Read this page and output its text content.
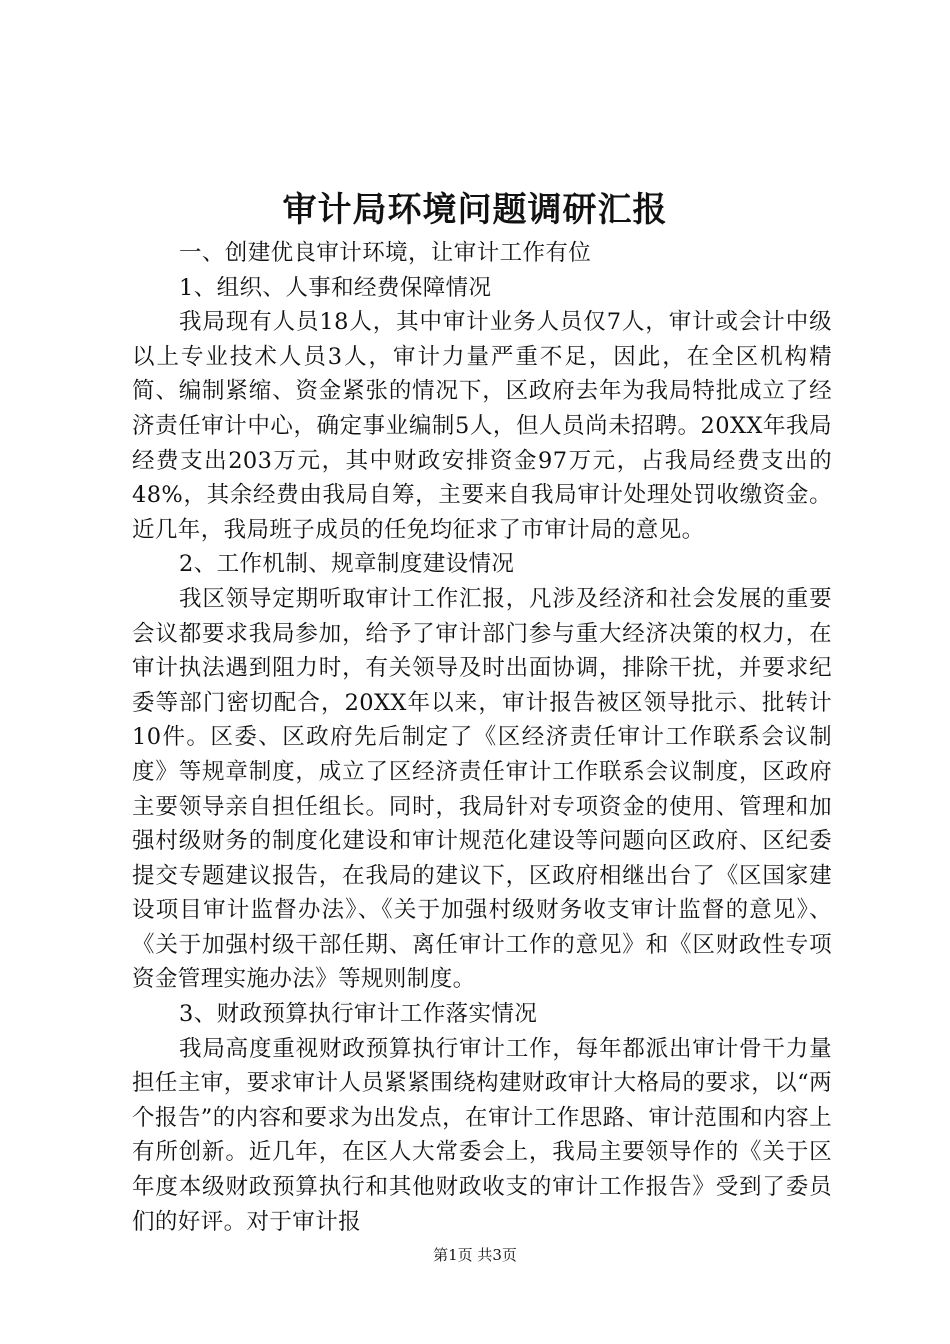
审计局环境问题调研汇报

一、创建优良审计环境，让审计工作有位

1、组织、人事和经费保障情况

我局现有人员18人，其中审计业务人员仅7人，审计或会计中级以上专业技术人员3人，审计力量严重不足，因此，在全区机构精简、编制紧缩、资金紧张的情况下，区政府去年为我局特批成立了经济责任审计中心，确定事业编制5人，但人员尚未招聘。20XX年我局经费支出203万元，其中财政安排资金97万元，占我局经费支出的48%，其余经费由我局自筹，主要来自我局审计处理处罚收缴资金。近几年，我局班子成员的任免均征求了市审计局的意见。

2、工作机制、规章制度建设情况

我区领导定期听取审计工作汇报，凡涉及经济和社会发展的重要会议都要求我局参加，给予了审计部门参与重大经济决策的权力，在审计执法遇到阻力时，有关领导及时出面协调，排除干扰，并要求纪委等部门密切配合，20XX年以来，审计报告被区领导批示、批转计10件。区委、区政府先后制定了《区经济责任审计工作联系会议制度》等规章制度，成立了区经济责任审计工作联系会议制度，区政府主要领导亲自担任组长。同时，我局针对专项资金的使用、管理和加强村级财务的制度化建设和审计规范化建设等问题向区政府、区纪委提交专题建议报告，在我局的建议下，区政府相继出台了《区国家建设项目审计监督办法》、《关于加强村级财务收支审计监督的意见》、《关于加强村级干部任期、离任审计工作的意见》和《区财政性专项资金管理实施办法》等规则制度。

3、财政预算执行审计工作落实情况

我局高度重视财政预算执行审计工作，每年都派出审计骨干力量担任主审，要求审计人员紧紧围绕构建财政审计大格局的要求，以“两个报告”的内容和要求为出发点，在审计工作思路、审计范围和内容上有所创新。近几年，在区人大常委会上，我局主要领导作的《关于区年度本级财政预算执行和其他财政收支的审计工作报告》受到了委员们的好评。对于审计报

第1页 共3页
